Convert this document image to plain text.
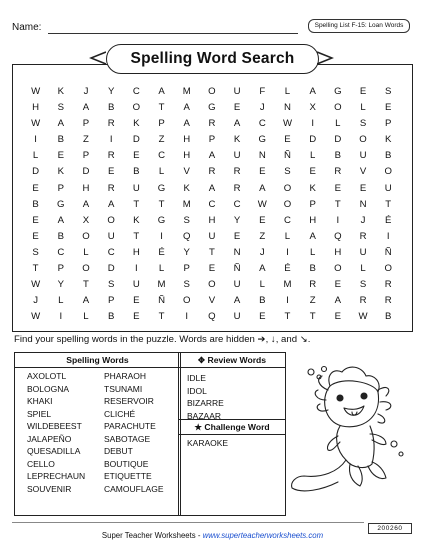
Name:	Spelling List F-15: Loan Words
Spelling Word Search
W	K	J	Y	C	A	M	O	U	F	L	A	G	E	S
H	S	A	B	O	T	A	G	E	J	N	X	O	L	E
W	A	P	R	K	P	A	R	A	C	W	I	L	S	P
I	B	Z	I	D	Z	H	P	K	G	E	D	D	O	K
L	E	P	R	E	C	H	A	U	N	Ñ	L	B	U	B
D	K	D	E	B	L	V	R	R	E	S	E	R	V	O
E	P	H	R	U	G	K	A	R	A	O	K	E	E	U
B	G	A	A	T	T	M	C	C	W	O	P	T	N	T
E	A	X	O	K	G	S	H	Y	E	C	H	I	J	É
E	B	O	U	T	I	Q	U	E	Z	L	A	Q	R	I
S	C	L	C	H	É	Y	T	N	J	I	L	H	U	Ñ
T	P	O	D	I	L	P	E	Ñ	A	É	B	O	L	O
W	Y	T	S	U	M	S	O	U	L	M	R	E	S	R
J	L	A	P	E	Ñ	O	V	A	B	I	Z	A	R	R
W	I	L	B	E	T	I	Q	U	E	T	T	E	W	B
Find your spelling words in the puzzle. Words are hidden ➔, ↓, and ↘.
Spelling Words
AXOLOTL
BOLOGNA
KHAKI
SPIEL
WILDEBEEST
JALAPEÑO
QUESADILLA
CELLO
LEPRECHAUN
SOUVENIR
PHARAOH
TSUNAMI
RESERVOIR
CLICHÉ
PARACHUTE
SABOTAGE
DEBUT
BOUTIQUE
ETIQUETTE
CAMOUFLAGE
✥ Review Words
IDLE
IDOL
BIZARRE
BAZAAR
★ Challenge Word
KARAOKE
200260
Super Teacher Worksheets - www.superteacherworksheets.com
